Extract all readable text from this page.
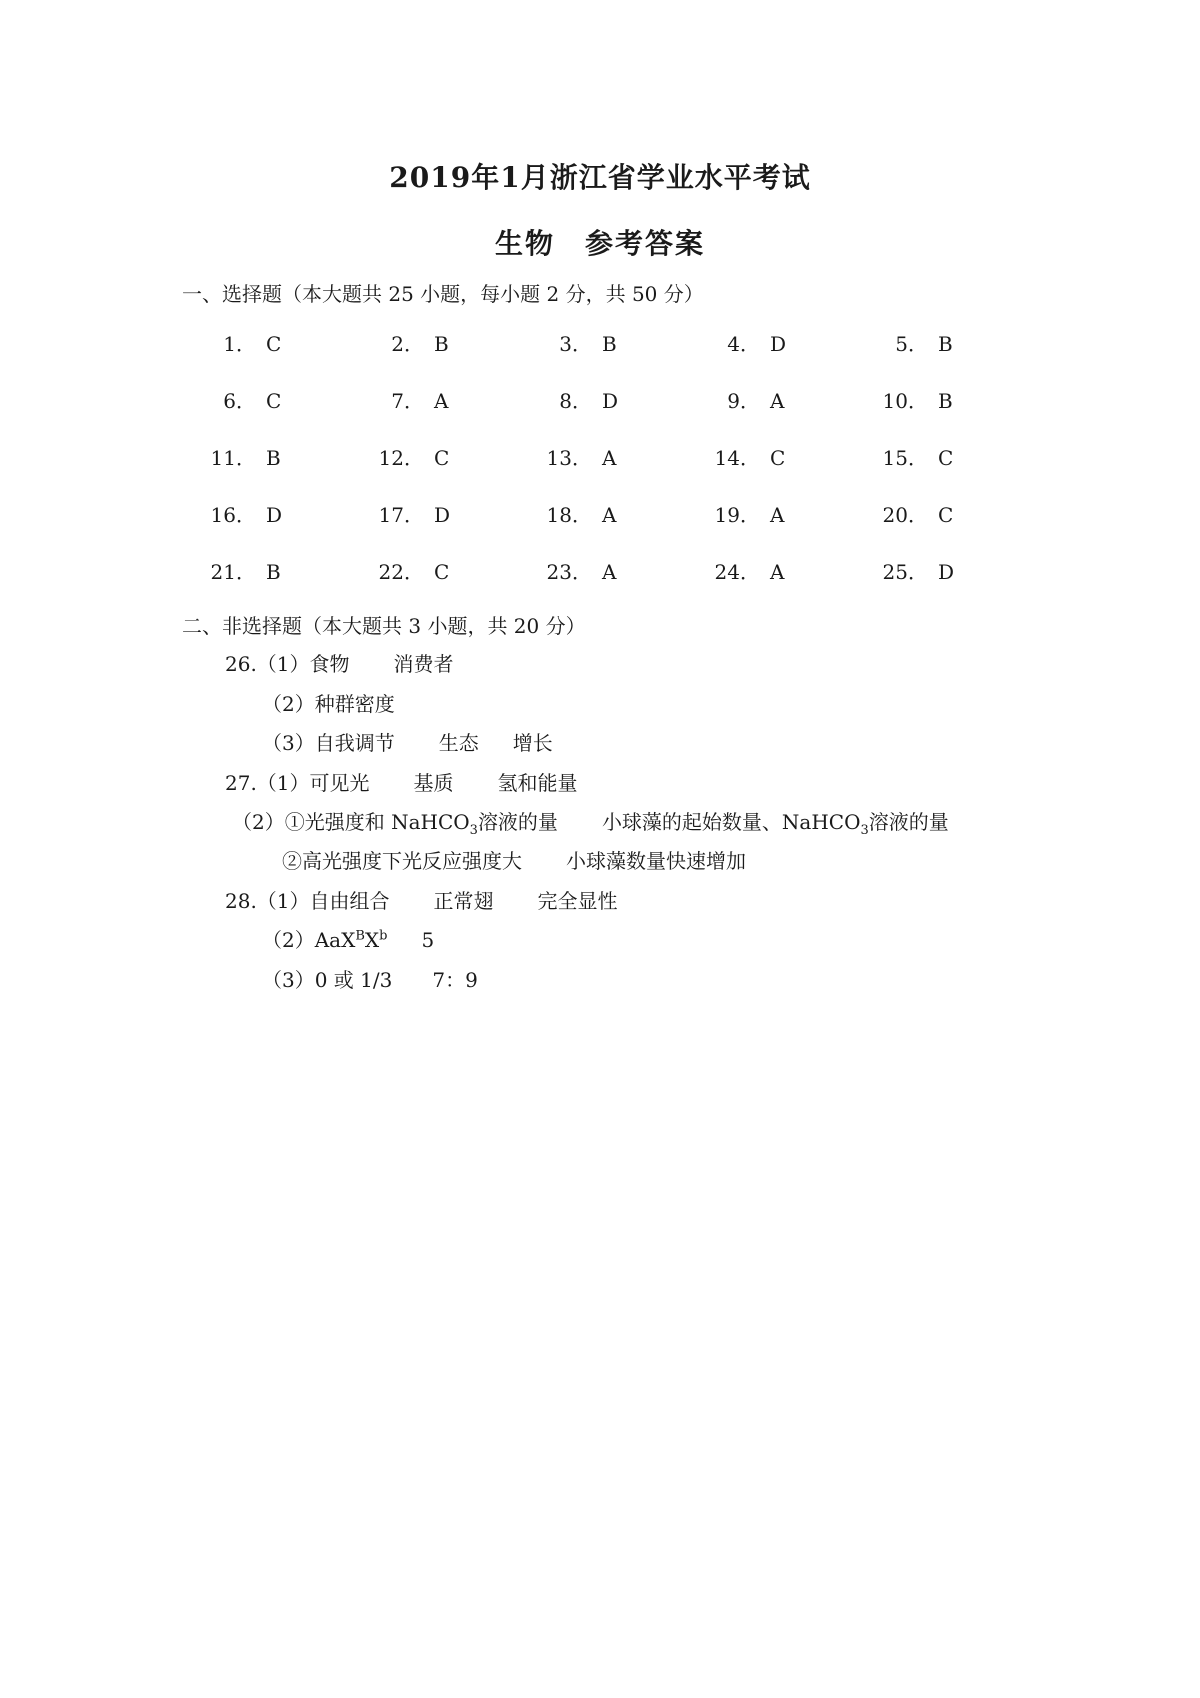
2019年1月浙江省学业水平考试
生物 参考答案
一、选择题（本大题共 25 小题，每小题 2 分，共 50 分）
1． C	2． B	3． B	4． D	5． B
6． C	7． A	8． D	9． A	10． B
11． B	12． C	13． A	14． C	15． C
16． D	17． D	18． A	19． A	20． C
21． B	22． C	23． A	24． A	25． D
二、非选择题（本大题共 3 小题，共 20 分）
26.（1）食物 消费者
（2）种群密度
（3）自我调节 生态 增长
27.（1）可见光 基质 氢和能量
（2）①光强度和 NaHCO$_3$溶液的量 小球藻的起始数量、NaHCO$_3$溶液的量
②高光强度下光反应强度大 小球藻数量快速增加
28.（1）自由组合 正常翅 完全显性
$(2)AaX^BX^b$ 5
（3）0 或 1/3 7：9
